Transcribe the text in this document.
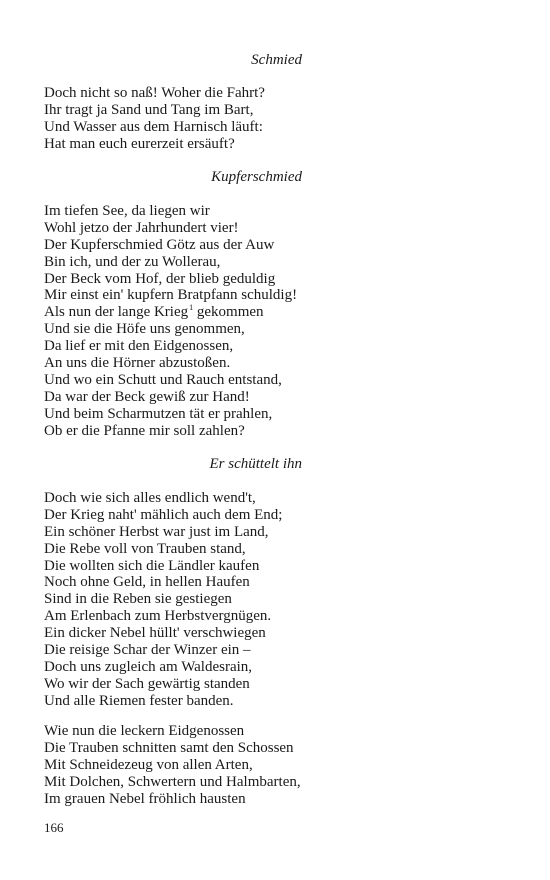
Schmied
Doch nicht so naß! Woher die Fahrt?
Ihr tragt ja Sand und Tang im Bart,
Und Wasser aus dem Harnisch läuft:
Hat man euch eurerzeit ersäuft?
Kupferschmied
Im tiefen See, da liegen wir
Wohl jetzo der Jahrhundert vier!
Der Kupferschmied Götz aus der Auw
Bin ich, und der zu Wollerau,
Der Beck vom Hof, der blieb geduldig
Mir einst ein' kupfern Bratpfann schuldig!
Als nun der lange Krieg$^1$ gekommen
Und sie die Höfe uns genommen,
Da lief er mit den Eidgenossen,
An uns die Hörner abzustoßen.
Und wo ein Schutt und Rauch entstand,
Da war der Beck gewiß zur Hand!
Und beim Scharmutzen tät er prahlen,
Ob er die Pfanne mir soll zahlen?
Er schüttelt ihn
Doch wie sich alles endlich wend't,
Der Krieg naht' mählich auch dem End;
Ein schöner Herbst war just im Land,
Die Rebe voll von Trauben stand,
Die wollten sich die Ländler kaufen
Noch ohne Geld, in hellen Haufen
Sind in die Reben sie gestiegen
Am Erlenbach zum Herbstvergnügen.
Ein dicker Nebel hüllt' verschwiegen
Die reisige Schar der Winzer ein –
Doch uns zugleich am Waldesrain,
Wo wir der Sach gewärtig standen
Und alle Riemen fester banden.
Wie nun die leckern Eidgenossen
Die Trauben schnitten samt den Schossen
Mit Schneidezeug von allen Arten,
Mit Dolchen, Schwertern und Halmbarten,
Im grauen Nebel fröhlich hausten
166
